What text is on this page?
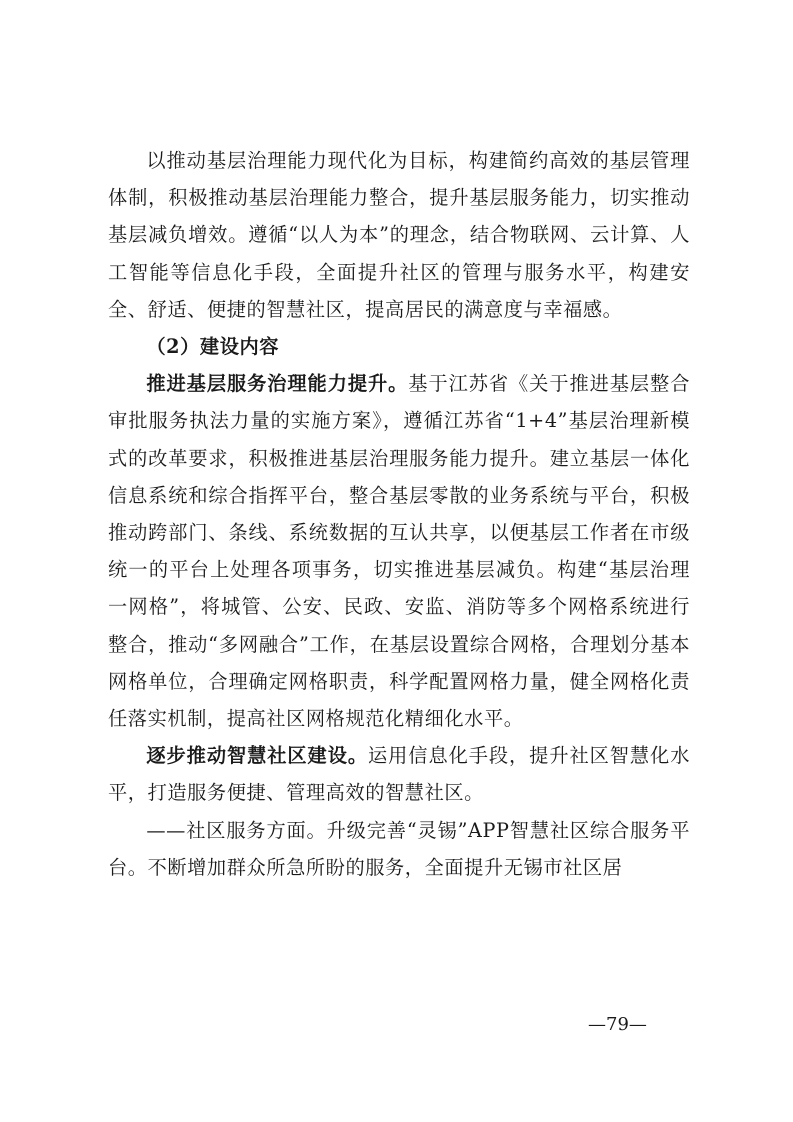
以推动基层治理能力现代化为目标，构建简约高效的基层管理体制，积极推动基层治理能力整合，提升基层服务能力，切实推动基层减负增效。遵循“以人为本”的理念，结合物联网、云计算、人工智能等信息化手段，全面提升社区的管理与服务水平，构建安全、舒适、便捷的智慧社区，提高居民的满意度与幸福感。

（2）建设内容

推进基层服务治理能力提升。基于江苏省《关于推进基层整合审批服务执法力量的实施方案》，遵循江苏省“1+4”基层治理新模式的改革要求，积极推进基层治理服务能力提升。建立基层一体化信息系统和综合指挥平台，整合基层零散的业务系统与平台，积极推动跨部门、条线、系统数据的互认共享，以便基层工作者在市级统一的平台上处理各项事务，切实推进基层减负。构建“基层治理一网格”，将城管、公安、民政、安监、消防等多个网格系统进行整合，推动“多网融合”工作，在基层设置综合网格，合理划分基本网格单位，合理确定网格职责，科学配置网格力量，健全网格化责任落实机制，提高社区网格规范化精细化水平。

逐步推动智慧社区建设。运用信息化手段，提升社区智慧化水平，打造服务便捷、管理高效的智慧社区。

——社区服务方面。升级完善“灵锡”APP智慧社区综合服务平台。不断增加群众所急所盼的服务，全面提升无锡市社区居

—79—
